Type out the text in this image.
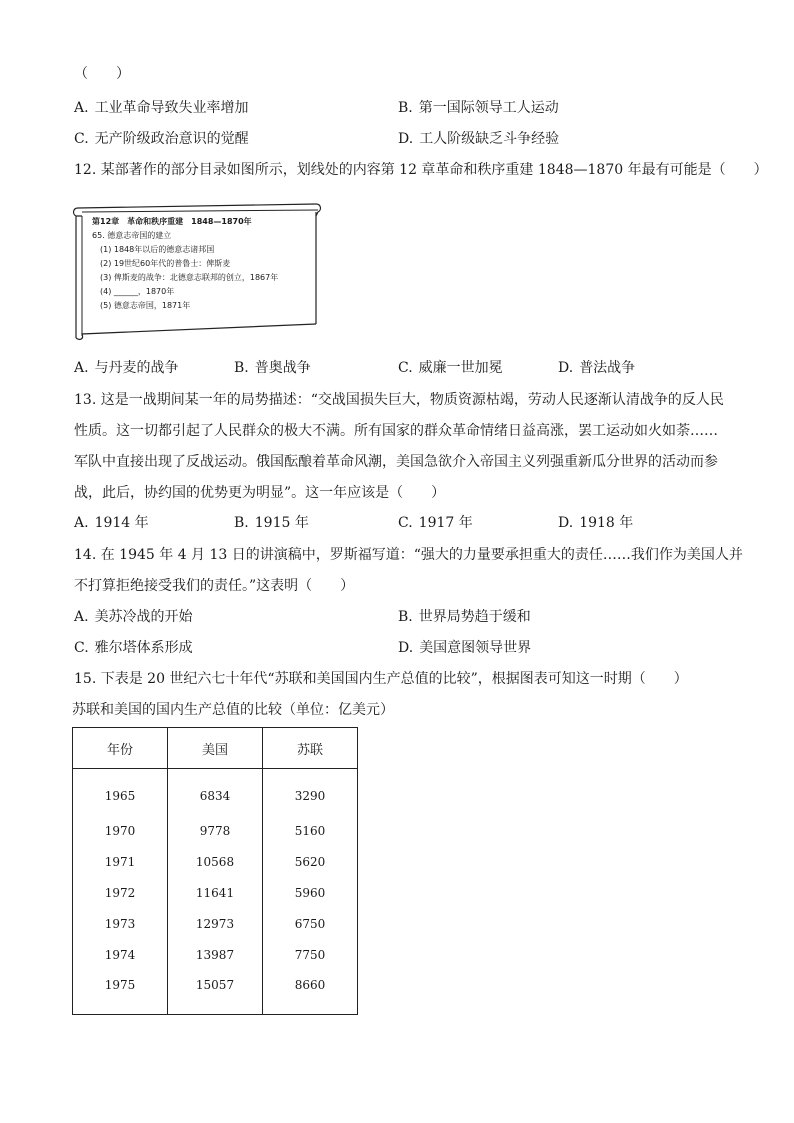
（　　）
A. 工业革命导致失业率增加	B. 第一国际领导工人运动
C. 无产阶级政治意识的觉醒	D. 工人阶级缺乏斗争经验
12. 某部著作的部分目录如图所示，划线处的内容第 12 章革命和秩序重建 1848—1870 年最有可能是（　　）
第12章　革命和秩序重建　1848—1870年
65. 德意志帝国的建立
(1) 1848年以后的德意志诸邦国
(2) 19世纪60年代的普鲁士：俾斯麦
(3) 俾斯麦的战争：北德意志联邦的创立，1867年
(4) ______，1870年
(5) 德意志帝国，1871年
A. 与丹麦的战争	B. 普奥战争	C. 威廉一世加冕	D. 普法战争
13. 这是一战期间某一年的局势描述：“交战国损失巨大，物质资源枯竭，劳动人民逐渐认清战争的反人民
性质。这一切都引起了人民群众的极大不满。所有国家的群众革命情绪日益高涨，罢工运动如火如荼……
军队中直接出现了反战运动。俄国酝酿着革命风潮，美国急欲介入帝国主义列强重新瓜分世界的活动而参
战，此后，协约国的优势更为明显”。这一年应该是（　　）
A. 1914 年	B. 1915 年	C. 1917 年	D. 1918 年
14. 在 1945 年 4 月 13 日的讲演稿中，罗斯福写道：“强大的力量要承担重大的责任……我们作为美国人并
不打算拒绝接受我们的责任。”这表明（　　）
A. 美苏冷战的开始	B. 世界局势趋于缓和
C. 雅尔塔体系形成	D. 美国意图领导世界
15. 下表是 20 世纪六七十年代“苏联和美国国内生产总值的比较”，根据图表可知这一时期（　　）
苏联和美国的国内生产总值的比较（单位：亿美元）
年份	美国	苏联
1965	6834	3290
1970	9778	5160
1971	10568	5620
1972	11641	5960
1973	12973	6750
1974	13987	7750
1975	15057	8660
